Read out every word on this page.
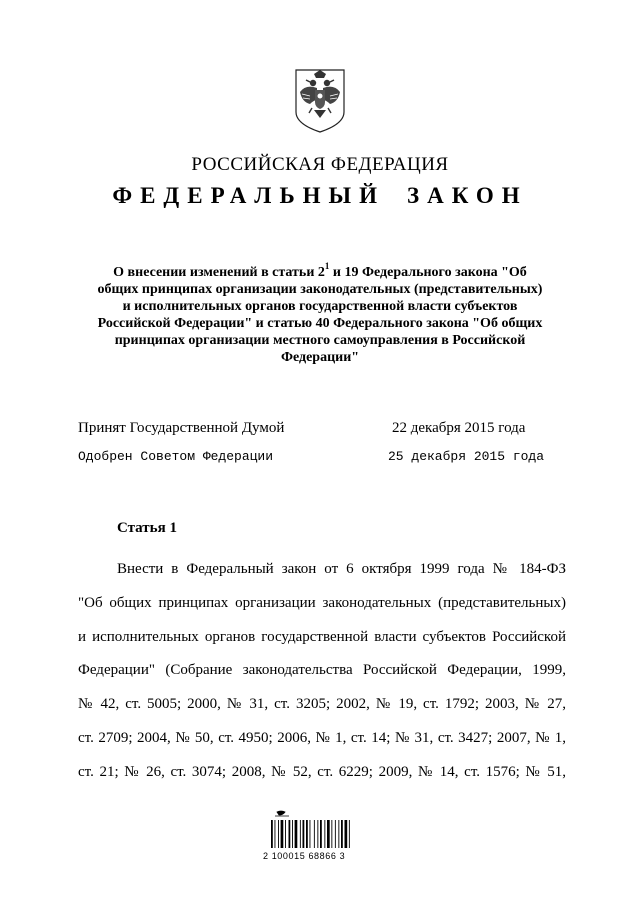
РОССИЙСКАЯ ФЕДЕРАЦИЯ
ФЕДЕРАЛЬНЫЙ ЗАКОН
О внесении изменений в статьи $2^1$ и 19 Федерального закона "Об общих принципах организации законодательных (представительных) и исполнительных органов государственной власти субъектов Российской Федерации" и статью 40 Федерального закона "Об общих принципах организации местного самоуправления в Российской Федерации"
Принят Государственной Думой	22 декабря 2015 года
Одобрен Советом Федерации	25 декабря 2015 года
Статья 1
Внести в Федеральный закон от 6 октября 1999 года № 184-ФЗ
"Об общих принципах организации законодательных (представительных)
и исполнительных органов государственной власти субъектов Российской
Федерации" (Собрание законодательства Российской Федерации, 1999,
№ 42, ст. 5005; 2000, № 31, ст. 3205; 2002, № 19, ст. 1792; 2003, № 27,
ст. 2709; 2004, № 50, ст. 4950; 2006, № 1, ст. 14; № 31, ст. 3427; 2007, № 1,
ст. 21; № 26, ст. 3074; 2008, № 52, ст. 6229; 2009, № 14, ст. 1576; № 51,
2 100015 68866 3
